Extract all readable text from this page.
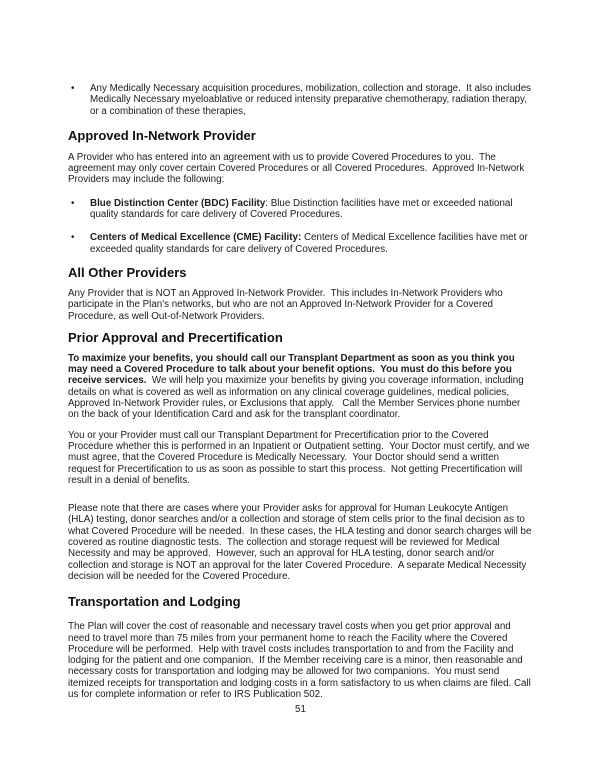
•	Any Medically Necessary acquisition procedures, mobilization, collection and storage.  It also includes Medically Necessary myeloablative or reduced intensity preparative chemotherapy, radiation therapy, or a combination of these therapies,
Approved In-Network Provider

A Provider who has entered into an agreement with us to provide Covered Procedures to you.  The agreement may only cover certain Covered Procedures or all Covered Procedures.  Approved In-Network Providers may include the following:

•	Blue Distinction Center (BDC) Facility: Blue Distinction facilities have met or exceeded national quality standards for care delivery of Covered Procedures.
•	Centers of Medical Excellence (CME) Facility: Centers of Medical Excellence facilities have met or exceeded quality standards for care delivery of Covered Procedures.
All Other Providers

Any Provider that is NOT an Approved In-Network Provider.  This includes In-Network Providers who participate in the Plan's networks, but who are not an Approved In-Network Provider for a Covered Procedure, as well Out-of-Network Providers.

Prior Approval and Precertification

To maximize your benefits, you should call our Transplant Department as soon as you think you may need a Covered Procedure to talk about your benefit options.  You must do this before you receive services.  We will help you maximize your benefits by giving you coverage information, including details on what is covered as well as information on any clinical coverage guidelines, medical policies, Approved In-Network Provider rules, or Exclusions that apply.   Call the Member Services phone number on the back of your Identification Card and ask for the transplant coordinator.

You or your Provider must call our Transplant Department for Precertification prior to the Covered Procedure whether this is performed in an Inpatient or Outpatient setting.  Your Doctor must certify, and we must agree, that the Covered Procedure is Medically Necessary.  Your Doctor should send a written request for Precertification to us as soon as possible to start this process.  Not getting Precertification will result in a denial of benefits.

Please note that there are cases where your Provider asks for approval for Human Leukocyte Antigen (HLA) testing, donor searches and/or a collection and storage of stem cells prior to the final decision as to what Covered Procedure will be needed.  In these cases, the HLA testing and donor search charges will be covered as routine diagnostic tests.  The collection and storage request will be reviewed for Medical Necessity and may be approved.  However, such an approval for HLA testing, donor search and/or collection and storage is NOT an approval for the later Covered Procedure.  A separate Medical Necessity decision will be needed for the Covered Procedure.

Transportation and Lodging

The Plan will cover the cost of reasonable and necessary travel costs when you get prior approval and need to travel more than 75 miles from your permanent home to reach the Facility where the Covered Procedure will be performed.  Help with travel costs includes transportation to and from the Facility and lodging for the patient and one companion.  If the Member receiving care is a minor, then reasonable and necessary costs for transportation and lodging may be allowed for two companions.  You must send itemized receipts for transportation and lodging costs in a form satisfactory to us when claims are filed. Call us for complete information or refer to IRS Publication 502.

51
